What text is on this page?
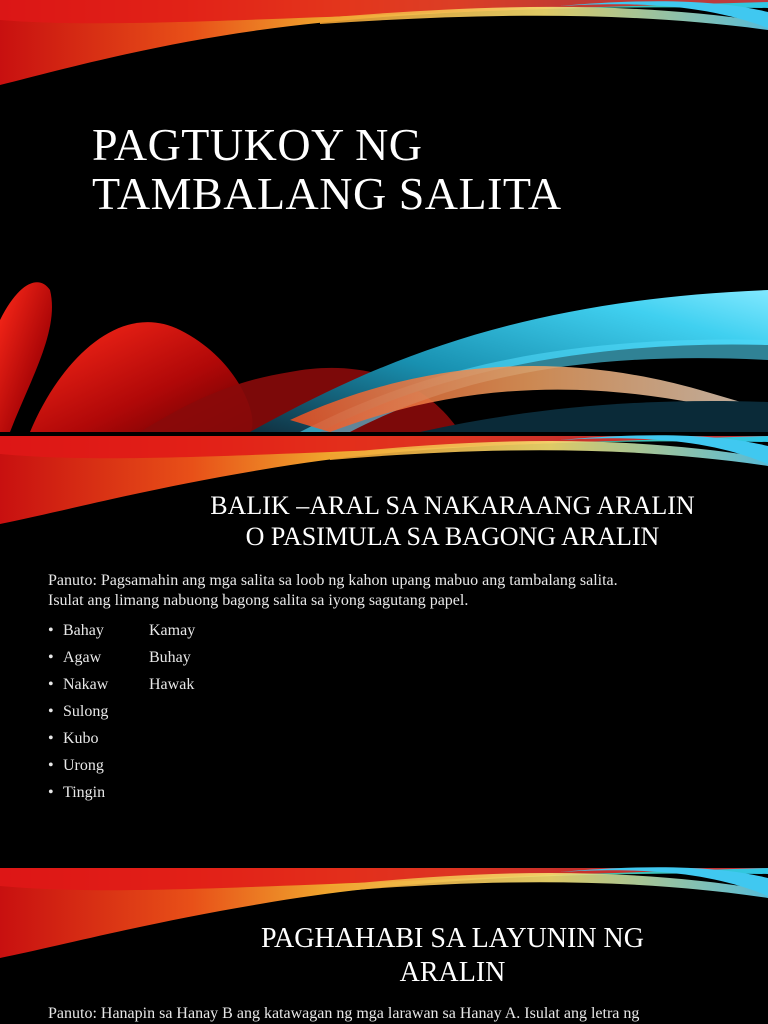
PAGTUKOY NG
TAMBALANG SALITA
BALIK –ARAL SA NAKARAANG ARALIN
O PASIMULA SA BAGONG ARALIN

Panuto: Pagsamahin ang mga salita sa loob ng kahon upang mabuo ang tambalang salita.
Isulat ang limang nabuong bagong salita sa iyong sagutang papel.

• Bahay	Kamay
• Agaw	Buhay
• Nakaw	Hawak
• Sulong
• Kubo
• Urong
• Tingin
PAGHAHABI SA LAYUNIN NG
ARALIN

Panuto: Hanapin sa Hanay B ang katawagan ng mga larawan sa Hanay A. Isulat ang letra ng
